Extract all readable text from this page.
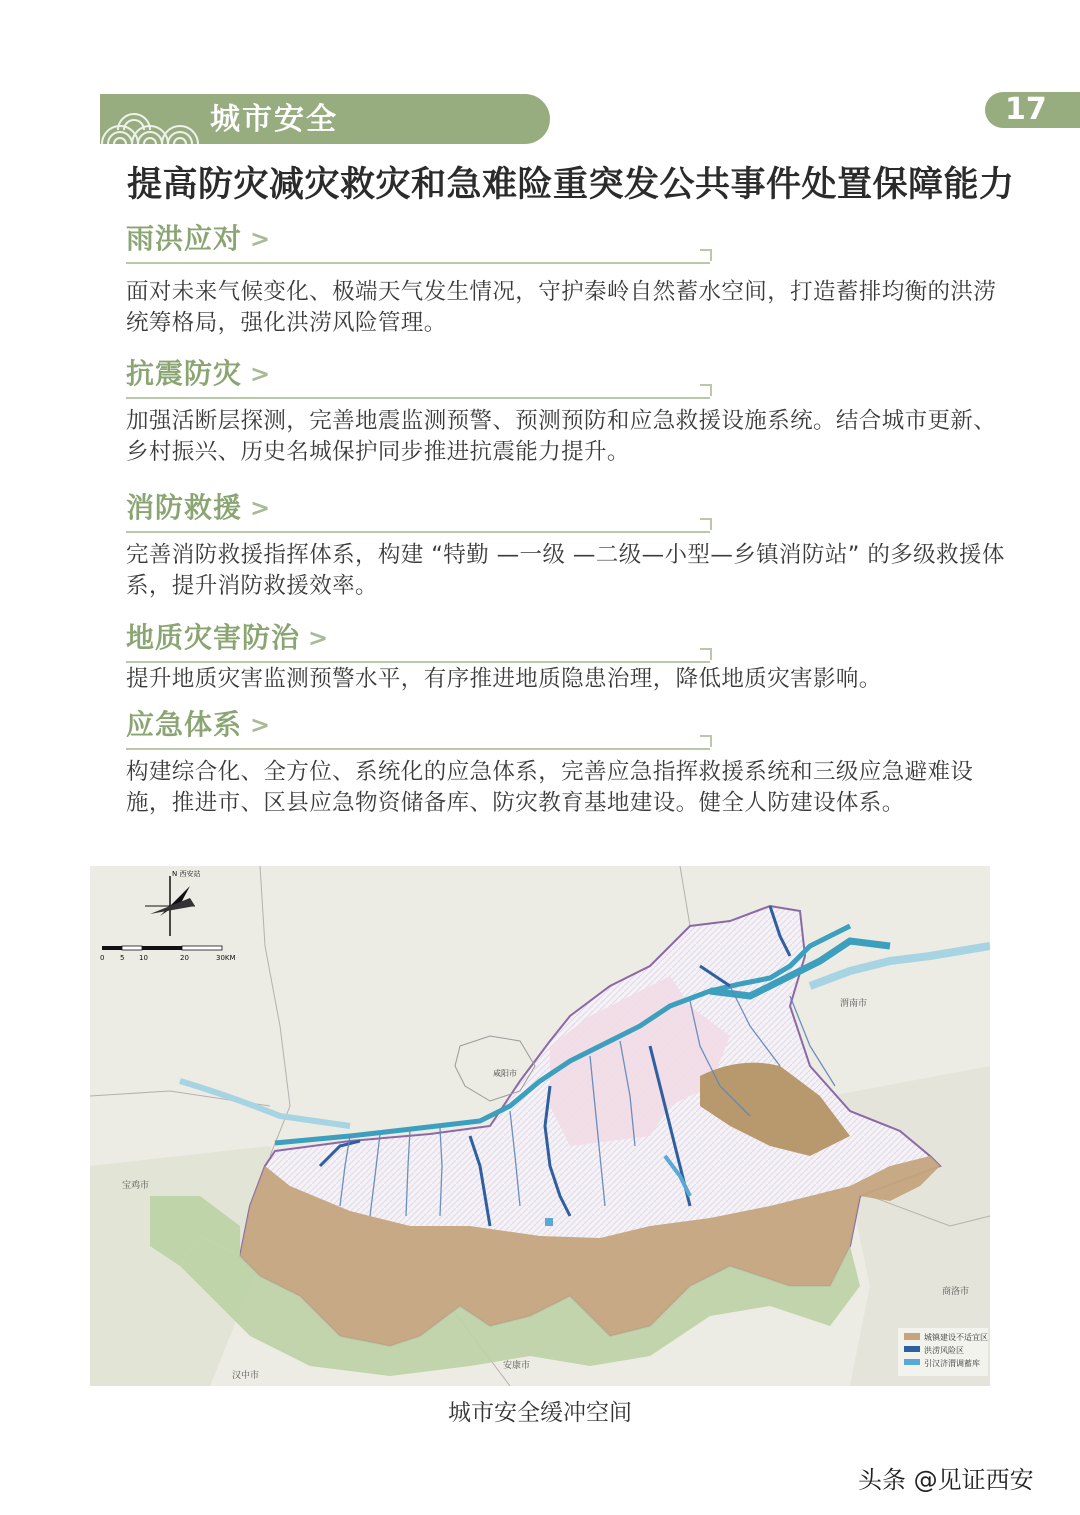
城市安全	17
提高防灾减灾救灾和急难险重突发公共事件处置保障能力
雨洪应对 >
面对未来气候变化、极端天气发生情况，守护秦岭自然蓄水空间，打造蓄排均衡的洪涝统筹格局，强化洪涝风险管理。
抗震防灾 >
加强活断层探测，完善地震监测预警、预测预防和应急救援设施系统。结合城市更新、乡村振兴、历史名城保护同步推进抗震能力提升。
消防救援 >
完善消防救援指挥体系，构建 “特勤 —一级 —二级—小型—乡镇消防站” 的多级救援体系，提升消防救援效率。
地质灾害防治 >
提升地质灾害监测预警水平，有序推进地质隐患治理，降低地质灾害影响。
应急体系 >
构建综合化、全方位、系统化的应急体系，完善应急指挥救援系统和三级应急避难设施，推进市、区县应急物资储备库、防灾教育基地建设。健全人防建设体系。
N 西安站
0 5 10	20	30KM
渭南市
宝鸡市
商洛市
安康市
汉中市
咸阳市
城镇建设不适宜区
洪涝风险区
引汉济渭调蓄库
城市安全缓冲空间
头条 @见证西安
